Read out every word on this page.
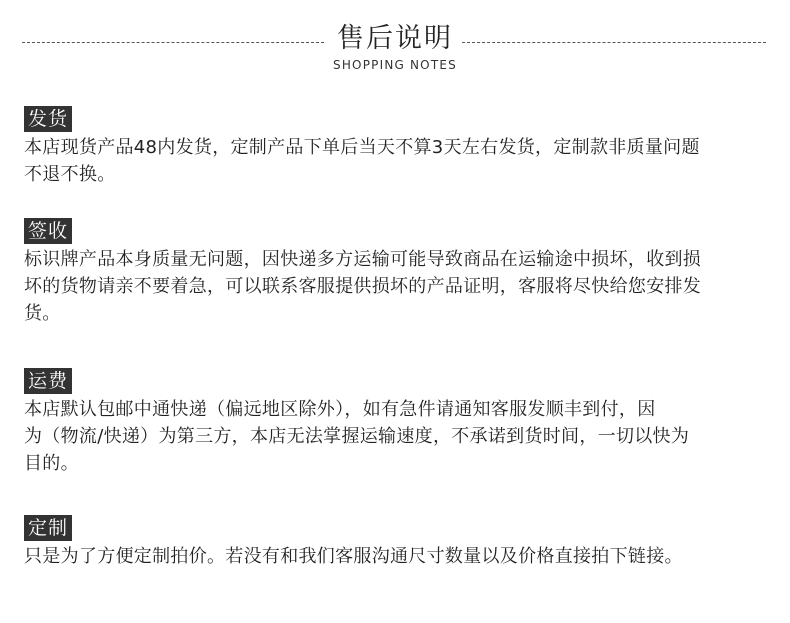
售后说明
SHOPPING NOTES
发货
本店现货产品48内发货，定制产品下单后当天不算3天左右发货，定制款非质量问题
不退不换。
签收
标识牌产品本身质量无问题，因快递多方运输可能导致商品在运输途中损坏，收到损
坏的货物请亲不要着急，可以联系客服提供损坏的产品证明，客服将尽快给您安排发
货。
运费
本店默认包邮中通快递（偏远地区除外），如有急件请通知客服发顺丰到付，因
为（物流/快递）为第三方，本店无法掌握运输速度，不承诺到货时间，一切以快为
目的。
定制
只是为了方便定制拍价。若没有和我们客服沟通尺寸数量以及价格直接拍下链接。
